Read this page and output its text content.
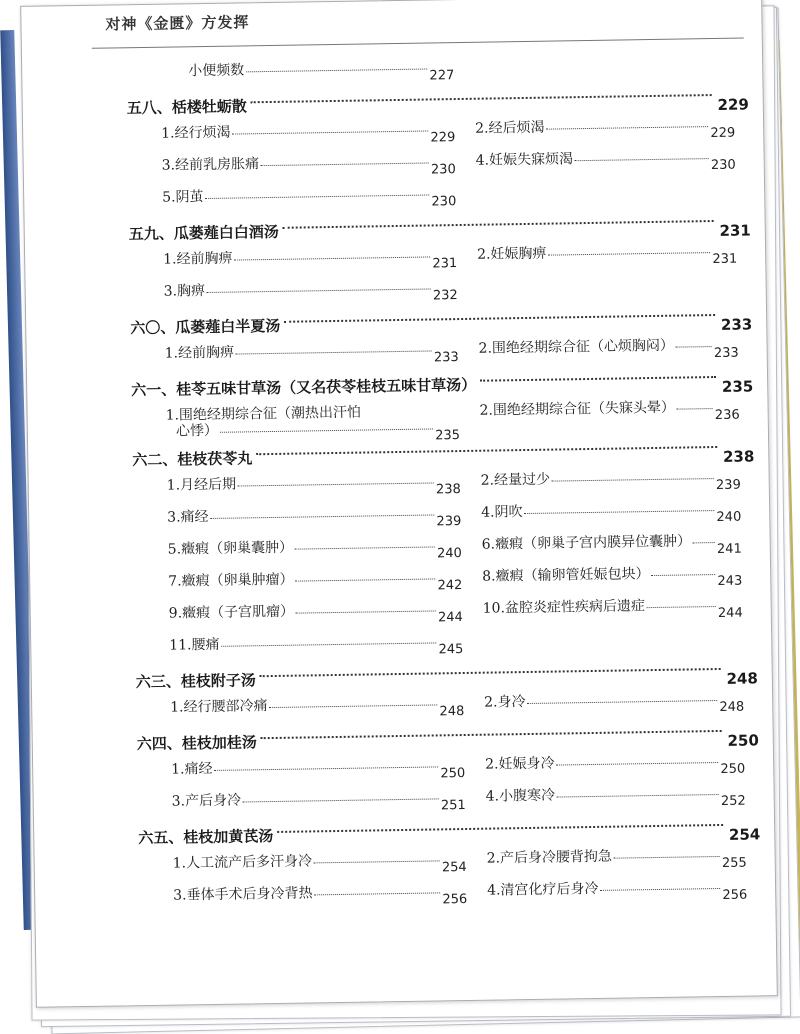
对神《金匮》方发挥
小便频数	227
五八、栝楼牡蛎散	229
1.经行烦渴	229
2.经后烦渴	229
3.经前乳房胀痛	230
4.妊娠失寐烦渴	230
5.阴茧	230
五九、瓜蒌薤白白酒汤	231
1.经前胸痹	231
2.妊娠胸痹	231
3.胸痹	232
六〇、瓜蒌薤白半夏汤	233
1.经前胸痹	233
2.围绝经期综合征（心烦胸闷）	233
六一、桂苓五味甘草汤（又名茯苓桂枝五味甘草汤）	235
1.围绝经期综合征（潮热出汗怕
心悸）	235
2.围绝经期综合征（失寐头晕）	236
六二、桂枝茯苓丸	238
1.月经后期	238
2.经量过少	239
3.痛经	239
4.阴吹	240
5.癥瘕（卵巢囊肿）	240
6.癥瘕（卵巢子宫内膜异位囊肿） 241
7.癥瘕（卵巢肿瘤）	242
8.癥瘕（输卵管妊娠包块）	243
9.癥瘕（子宫肌瘤）	244
10.盆腔炎症性疾病后遗症	244
11.腰痛	245
六三、桂枝附子汤	248
1.经行腰部冷痛	248
2.身冷	248
六四、桂枝加桂汤	250
1.痛经	250
2.妊娠身冷	250
3.产后身冷	251
4.小腹寒冷	252
六五、桂枝加黄芪汤	254
1.人工流产后多汗身冷	254
2.产后身冷腰背拘急	255
3.垂体手术后身冷背热	256
4.清宫化疗后身冷	256
